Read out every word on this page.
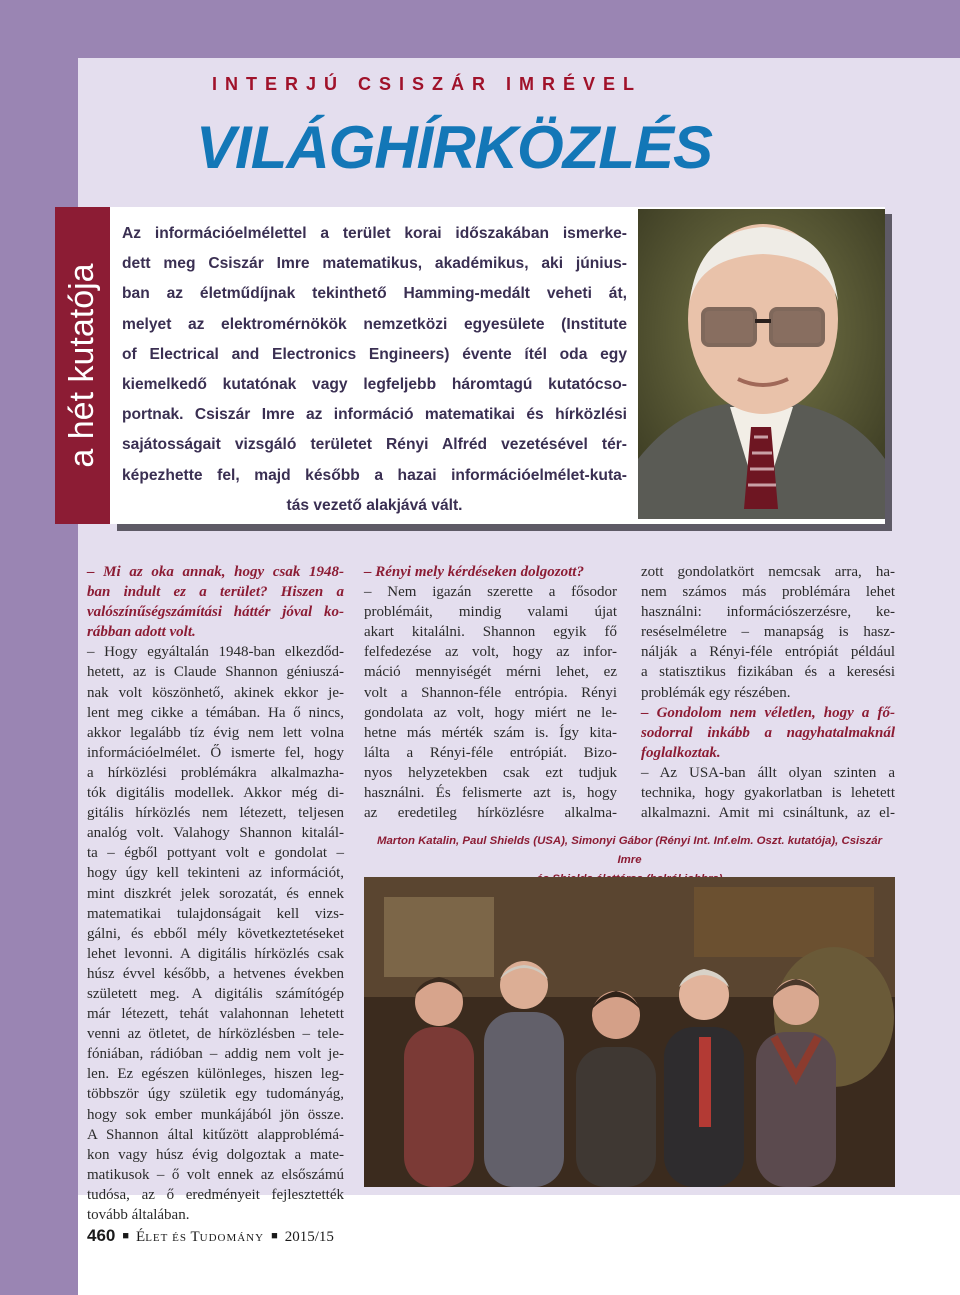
INTERJÚ CSISZÁR IMRÉVEL
VILÁGHÍRKÖZLÉS
a hét kutatója
Az információelmélettel a terület korai időszakában ismerke-
dett meg Csiszár Imre matematikus, akadémikus, aki június-
ban az életműdíjnak tekinthető Hamming-medált veheti át,
melyet az elektromérnökök nemzetközi egyesülete (Institute
of Electrical and Electronics Engineers) évente ítél oda egy
kiemelkedő kutatónak vagy legfeljebb háromtagú kutatócso-
portnak. Csiszár Imre az információ matematikai és hírközlési
sajátosságait vizsgáló területet Rényi Alfréd vezetésével tér-
képezhette fel, majd később a hazai információelmélet-kuta-
tás vezető alakjává vált.
– Mi az oka annak, hogy csak 1948-
ban indult ez a terület? Hiszen a
valószínűségszámítási háttér jóval ko-
rábban adott volt.
– Hogy egyáltalán 1948-ban elkezdőd-
hetett, az is Claude Shannon géniuszá-
nak volt köszönhető, akinek ekkor je-
lent meg cikke a témában. Ha ő nincs,
akkor legalább tíz évig nem lett volna
információelmélet. Ő ismerte fel, hogy
a hírközlési problémákra alkalmazha-
tók digitális modellek. Akkor még di-
gitális hírközlés nem létezett, teljesen
analóg volt. Valahogy Shannon kitalál-
ta – égből pottyant volt e gondolat –
hogy úgy kell tekinteni az információt,
mint diszkrét jelek sorozatát, és ennek
matematikai tulajdonságait kell vizs-
gálni, és ebből mély következtetéseket
lehet levonni. A digitális hírközlés csak
húsz évvel később, a hetvenes években
született meg. A digitális számítógép
már létezett, tehát valahonnan lehetett
venni az ötletet, de hírközlésben – tele-
fóniában, rádióban – addig nem volt je-
len. Ez egészen különleges, hiszen leg-
többször úgy születik egy tudományág,
hogy sok ember munkájából jön össze.
A Shannon által kitűzött alapproblémá-
kon vagy húsz évig dolgoztak a mate-
matikusok – ő volt ennek az elsőszámú
tudósa, az ő eredményeit fejlesztették
tovább általában.
– Rényi mely kérdéseken dolgozott?
– Nem igazán szerette a fősodor
problémáit, mindig valami újat
akart kitalálni. Shannon egyik fő
felfedezése az volt, hogy az infor-
máció mennyiségét mérni lehet, ez
volt a Shannon-féle entrópia. Rényi
gondolata az volt, hogy miért ne le-
hetne más mérték szám is. Így kita-
lálta a Rényi-féle entrópiát. Bizo-
nyos helyzetekben csak ezt tudjuk
használni. És felismerte azt is, hogy
az eredetileg hírközlésre alkalma-
zott gondolatkört nemcsak arra, ha-
nem számos más problémára lehet
használni: információszerzésre, ke-
reséselméletre – manapság is hasz-
nálják a Rényi-féle entrópiát például
a statisztikus fizikában és a keresési
problémák egy részében.
– Gondolom nem véletlen, hogy a fő-
sodorral inkább a nagyhatalmaknál
foglalkoztak.
– Az USA-ban állt olyan szinten a
technika, hogy gyakorlatban is lehetett
alkalmazni. Amit mi csináltunk, az el-
Marton Katalin, Paul Shields (USA), Simonyi Gábor (Rényi Int. Inf.elm. Oszt. kutatója), Csiszár Imre
460 ■ ÉLET ÉS TUDOMÁNY ■ 2015/15
